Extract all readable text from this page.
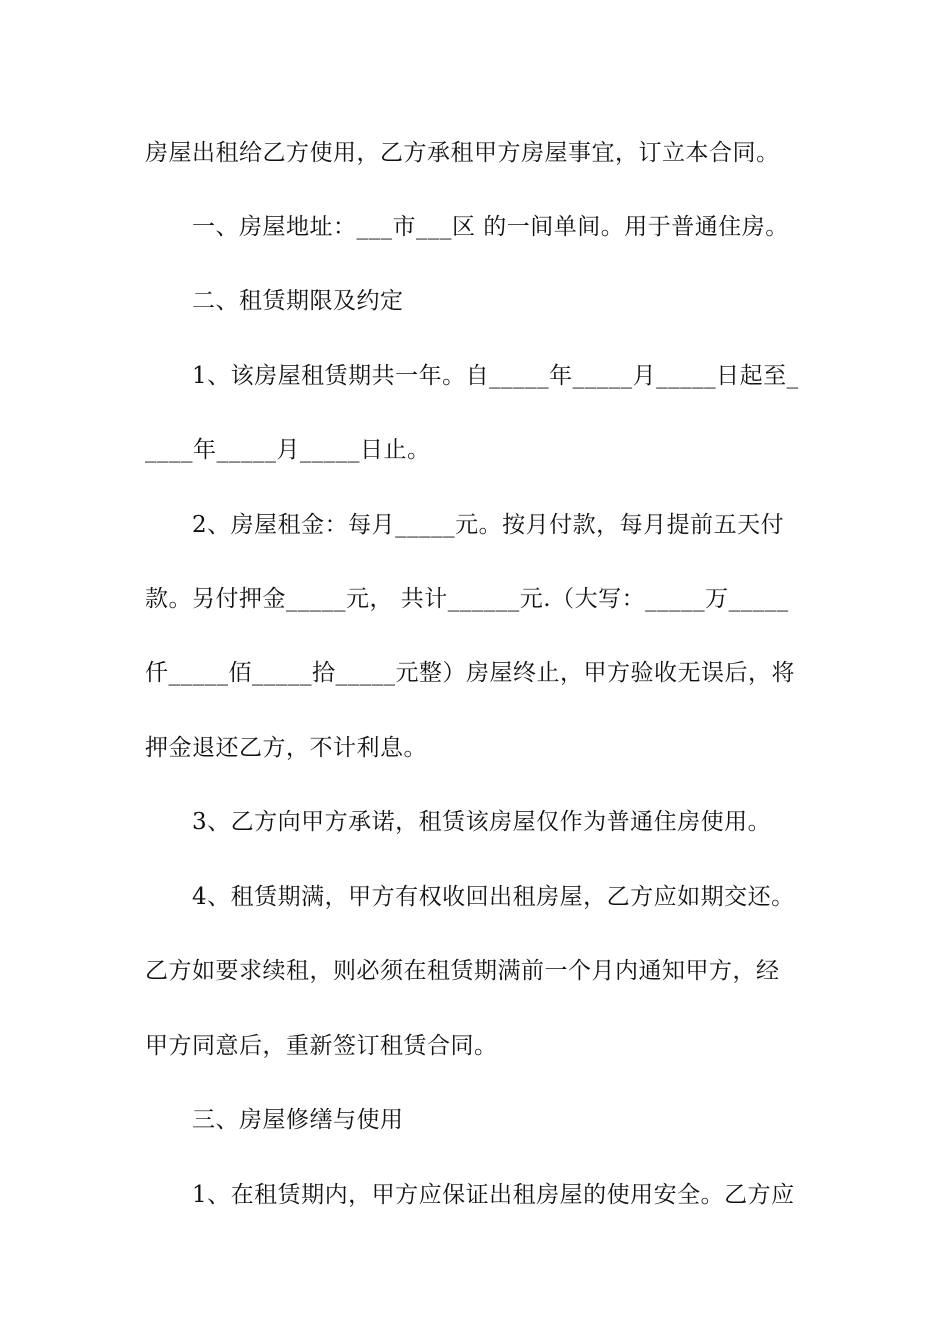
房屋出租给乙方使用，乙方承租甲方房屋事宜，订立本合同。
一、房屋地址：___市___区 的一间单间。用于普通住房。
二、租赁期限及约定
1、该房屋租赁期共一年。自_____年_____月_____日起至_
____年_____月_____日止。
2、房屋租金：每月_____元。按月付款，每月提前五天付
款。另付押金_____元， 共计______元.（大写：_____万_____
仟_____佰_____拾_____元整）房屋终止，甲方验收无误后，将
押金退还乙方，不计利息。
3、乙方向甲方承诺，租赁该房屋仅作为普通住房使用。
4、租赁期满，甲方有权收回出租房屋，乙方应如期交还。
乙方如要求续租，则必须在租赁期满前一个月内通知甲方，经
甲方同意后，重新签订租赁合同。
三、房屋修缮与使用
1、在租赁期内，甲方应保证出租房屋的使用安全。乙方应
